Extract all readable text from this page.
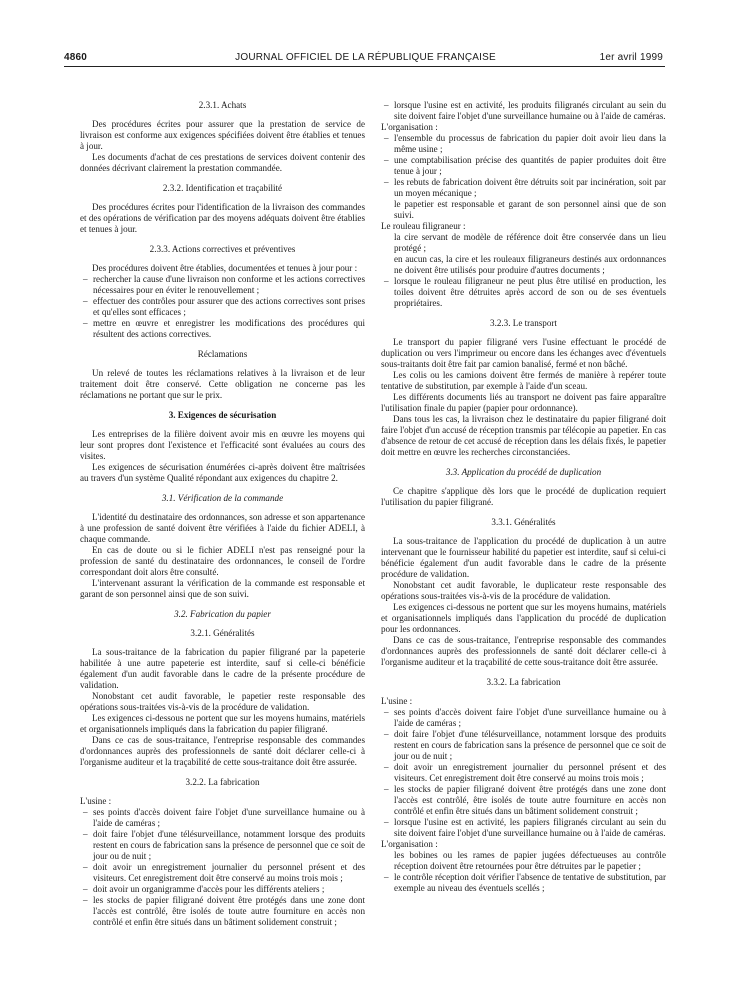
4860	JOURNAL OFFICIEL DE LA RÉPUBLIQUE FRANÇAISE	1er avril 1999
2.3.1. Achats

Des procédures écrites pour assurer que la prestation de service de livraison est conforme aux exigences spécifiées doivent être établies et tenues à jour.

Les documents d'achat de ces prestations de services doivent contenir des données décrivant clairement la prestation commandée.

2.3.2. Identification et traçabilité

Des procédures écrites pour l'identification de la livraison des commandes et des opérations de vérification par des moyens adéquats doivent être établies et tenues à jour.

2.3.3. Actions correctives et préventives

Des procédures doivent être établies, documentées et tenues à jour pour :

– rechercher la cause d'une livraison non conforme et les actions correctives nécessaires pour en éviter le renouvellement ;
– effectuer des contrôles pour assurer que des actions correctives sont prises et qu'elles sont efficaces ;
– mettre en œuvre et enregistrer les modifications des procédures qui résultent des actions correctives.
Réclamations

Un relevé de toutes les réclamations relatives à la livraison et de leur traitement doit être conservé. Cette obligation ne concerne pas les réclamations ne portant que sur le prix.

3. Exigences de sécurisation

Les entreprises de la filière doivent avoir mis en œuvre les moyens qui leur sont propres dont l'existence et l'efficacité sont évaluées au cours des visites.

Les exigences de sécurisation énumérées ci-après doivent être maîtrisées au travers d'un système Qualité répondant aux exigences du chapitre 2.

3.1. Vérification de la commande

L'identité du destinataire des ordonnances, son adresse et son appartenance à une profession de santé doivent être vérifiées à l'aide du fichier ADELI, à chaque commande.

En cas de doute ou si le fichier ADELI n'est pas renseigné pour la profession de santé du destinataire des ordonnances, le conseil de l'ordre correspondant doit alors être consulté.

L'intervenant assurant la vérification de la commande est responsable et garant de son personnel ainsi que de son suivi.

3.2. Fabrication du papier
3.2.1. Généralités

La sous-traitance de la fabrication du papier filigrané par la papeterie habilitée à une autre papeterie est interdite, sauf si celle-ci bénéficie également d'un audit favorable dans le cadre de la présente procédure de validation.

Nonobstant cet audit favorable, le papetier reste responsable des opérations sous-traitées vis-à-vis de la procédure de validation.

Les exigences ci-dessous ne portent que sur les moyens humains, matériels et organisationnels impliqués dans la fabrication du papier filigrané.

Dans ce cas de sous-traitance, l'entreprise responsable des commandes d'ordonnances auprès des professionnels de santé doit déclarer celle-ci à l'organisme auditeur et la traçabilité de cette sous-traitance doit être assurée.

3.2.2. La fabrication

L'usine :

– ses points d'accès doivent faire l'objet d'une surveillance humaine ou à l'aide de caméras ;
– doit faire l'objet d'une télésurveillance, notamment lorsque des produits restent en cours de fabrication sans la présence de personnel que ce soit de jour ou de nuit ;
– doit avoir un enregistrement journalier du personnel présent et des visiteurs. Cet enregistrement doit être conservé au moins trois mois ;
– doit avoir un organigramme d'accès pour les différents ateliers ;
– les stocks de papier filigrané doivent être protégés dans une zone dont l'accès est contrôlé, être isolés de toute autre fourniture en accès non contrôlé et enfin être situés dans un bâtiment solidement construit ;
– lorsque l'usine est en activité, les produits filigranés circulant au sein du site doivent faire l'objet d'une surveillance humaine ou à l'aide de caméras.

L'organisation :

– l'ensemble du processus de fabrication du papier doit avoir lieu dans la même usine ;
– une comptabilisation précise des quantités de papier produites doit être tenue à jour ;
– les rebuts de fabrication doivent être détruits soit par incinération, soit par un moyen mécanique ;
le papetier est responsable et garant de son personnel ainsi que de son suivi.

Le rouleau filigraneur :

la cire servant de modèle de référence doit être conservée dans un lieu protégé ;
en aucun cas, la cire et les rouleaux filigraneurs destinés aux ordonnances ne doivent être utilisés pour produire d'autres documents ;
– lorsque le rouleau filigraneur ne peut plus être utilisé en production, les toiles doivent être détruites après accord de son ou de ses éventuels propriétaires.
3.2.3. Le transport

Le transport du papier filigrané vers l'usine effectuant le procédé de duplication ou vers l'imprimeur ou encore dans les échanges avec d'éventuels sous-traitants doit être fait par camion banalisé, fermé et non bâché.

Les colis ou les camions doivent être fermés de manière à repérer toute tentative de substitution, par exemple à l'aide d'un sceau.

Les différents documents liés au transport ne doivent pas faire apparaître l'utilisation finale du papier (papier pour ordonnance).

Dans tous les cas, la livraison chez le destinataire du papier filigrané doit faire l'objet d'un accusé de réception transmis par télécopie au papetier. En cas d'absence de retour de cet accusé de réception dans les délais fixés, le papetier doit mettre en œuvre les recherches circonstanciées.

3.3. Application du procédé de duplication

Ce chapitre s'applique dès lors que le procédé de duplication requiert l'utilisation du papier filigrané.

3.3.1. Généralités

La sous-traitance de l'application du procédé de duplication à un autre intervenant que le fournisseur habilité du papetier est interdite, sauf si celui-ci bénéficie également d'un audit favorable dans le cadre de la présente procédure de validation.

Nonobstant cet audit favorable, le duplicateur reste responsable des opérations sous-traitées vis-à-vis de la procédure de validation.

Les exigences ci-dessous ne portent que sur les moyens humains, matériels et organisationnels impliqués dans l'application du procédé de duplication pour les ordonnances.

Dans ce cas de sous-traitance, l'entreprise responsable des commandes d'ordonnances auprès des professionnels de santé doit déclarer celle-ci à l'organisme auditeur et la traçabilité de cette sous-traitance doit être assurée.

3.3.2. La fabrication

L'usine :

– ses points d'accès doivent faire l'objet d'une surveillance humaine ou à l'aide de caméras ;
– doit faire l'objet d'une télésurveillance, notamment lorsque des produits restent en cours de fabrication sans la présence de personnel que ce soit de jour ou de nuit ;
– doit avoir un enregistrement journalier du personnel présent et des visiteurs. Cet enregistrement doit être conservé au moins trois mois ;
– les stocks de papier filigrané doivent être protégés dans une zone dont l'accès est contrôlé, être isolés de toute autre fourniture en accès non contrôlé et enfin être situés dans un bâtiment solidement construit ;
– lorsque l'usine est en activité, les papiers filigranés circulant au sein du site doivent faire l'objet d'une surveillance humaine ou à l'aide de caméras.

L'organisation :

les bobines ou les rames de papier jugées défectueuses au contrôle réception doivent être retournées pour être détruites par le papetier ;
– le contrôle réception doit vérifier l'absence de tentative de substitution, par exemple au niveau des éventuels scellés ;
